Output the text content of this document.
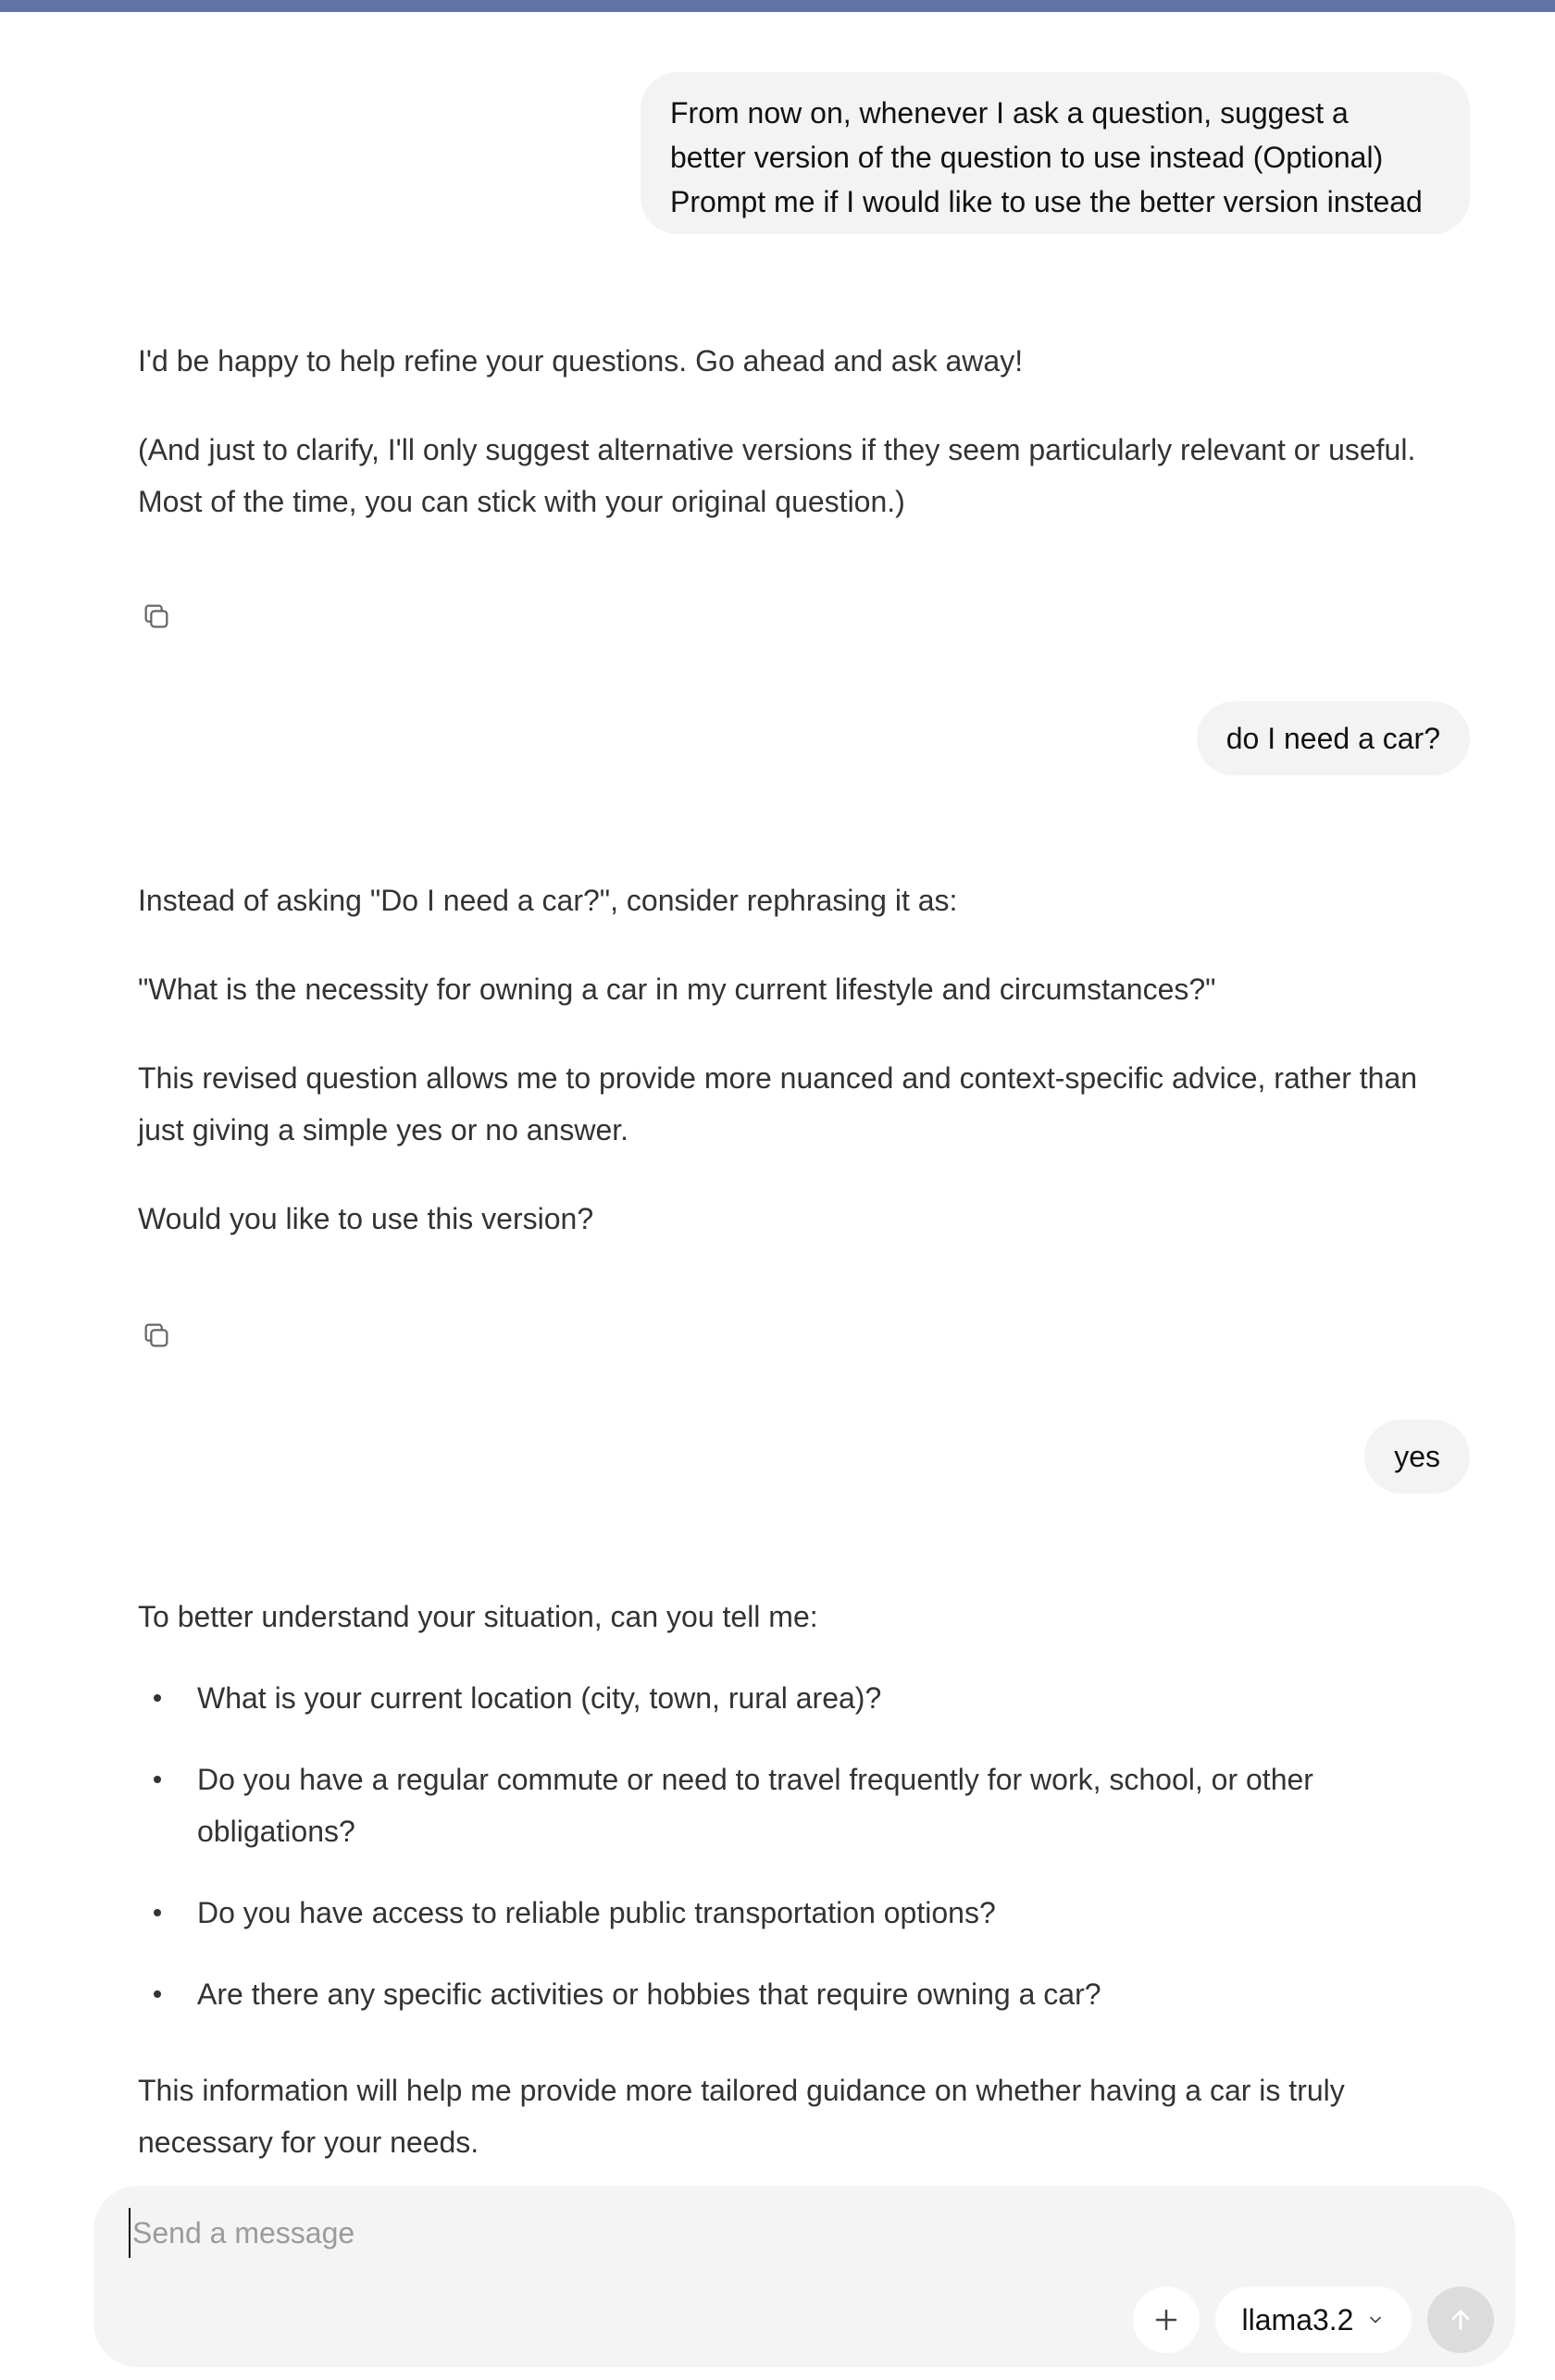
From now on, whenever I ask a question, suggest a
better version of the question to use instead (Optional)
Prompt me if I would like to use the better version instead

I'd be happy to help refine your questions. Go ahead and ask away!

(And just to clarify, I'll only suggest alternative versions if they seem particularly relevant or useful. Most of the time, you can stick with your original question.)

do I need a car?

Instead of asking "Do I need a car?", consider rephrasing it as:

"What is the necessity for owning a car in my current lifestyle and circumstances?"

This revised question allows me to provide more nuanced and context-specific advice, rather than just giving a simple yes or no answer.

Would you like to use this version?

yes

To better understand your situation, can you tell me:

What is your current location (city, town, rural area)?
Do you have a regular commute or need to travel frequently for work, school, or other obligations?
Do you have access to reliable public transportation options?
Are there any specific activities or hobbies that require owning a car?

This information will help me provide more tailored guidance on whether having a car is truly necessary for your needs.

Send a message
llama3.2
